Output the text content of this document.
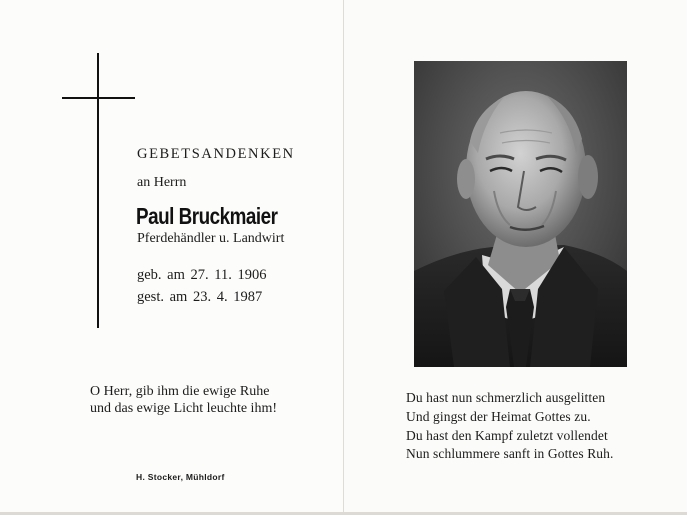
GEBETSANDENKEN
an Herrn
Paul Bruckmaier
Pferdehändler u. Landwirt
geb. am 27. 11. 1906
gest. am 23. 4. 1987
O Herr, gib ihm die ewige Ruhe
und das ewige Licht leuchte ihm!
H. Stocker, Mühldorf
Du hast nun schmerzlich ausgelitten
Und gingst der Heimat Gottes zu.
Du hast den Kampf zuletzt vollendet
Nun schlummere sanft in Gottes Ruh.
